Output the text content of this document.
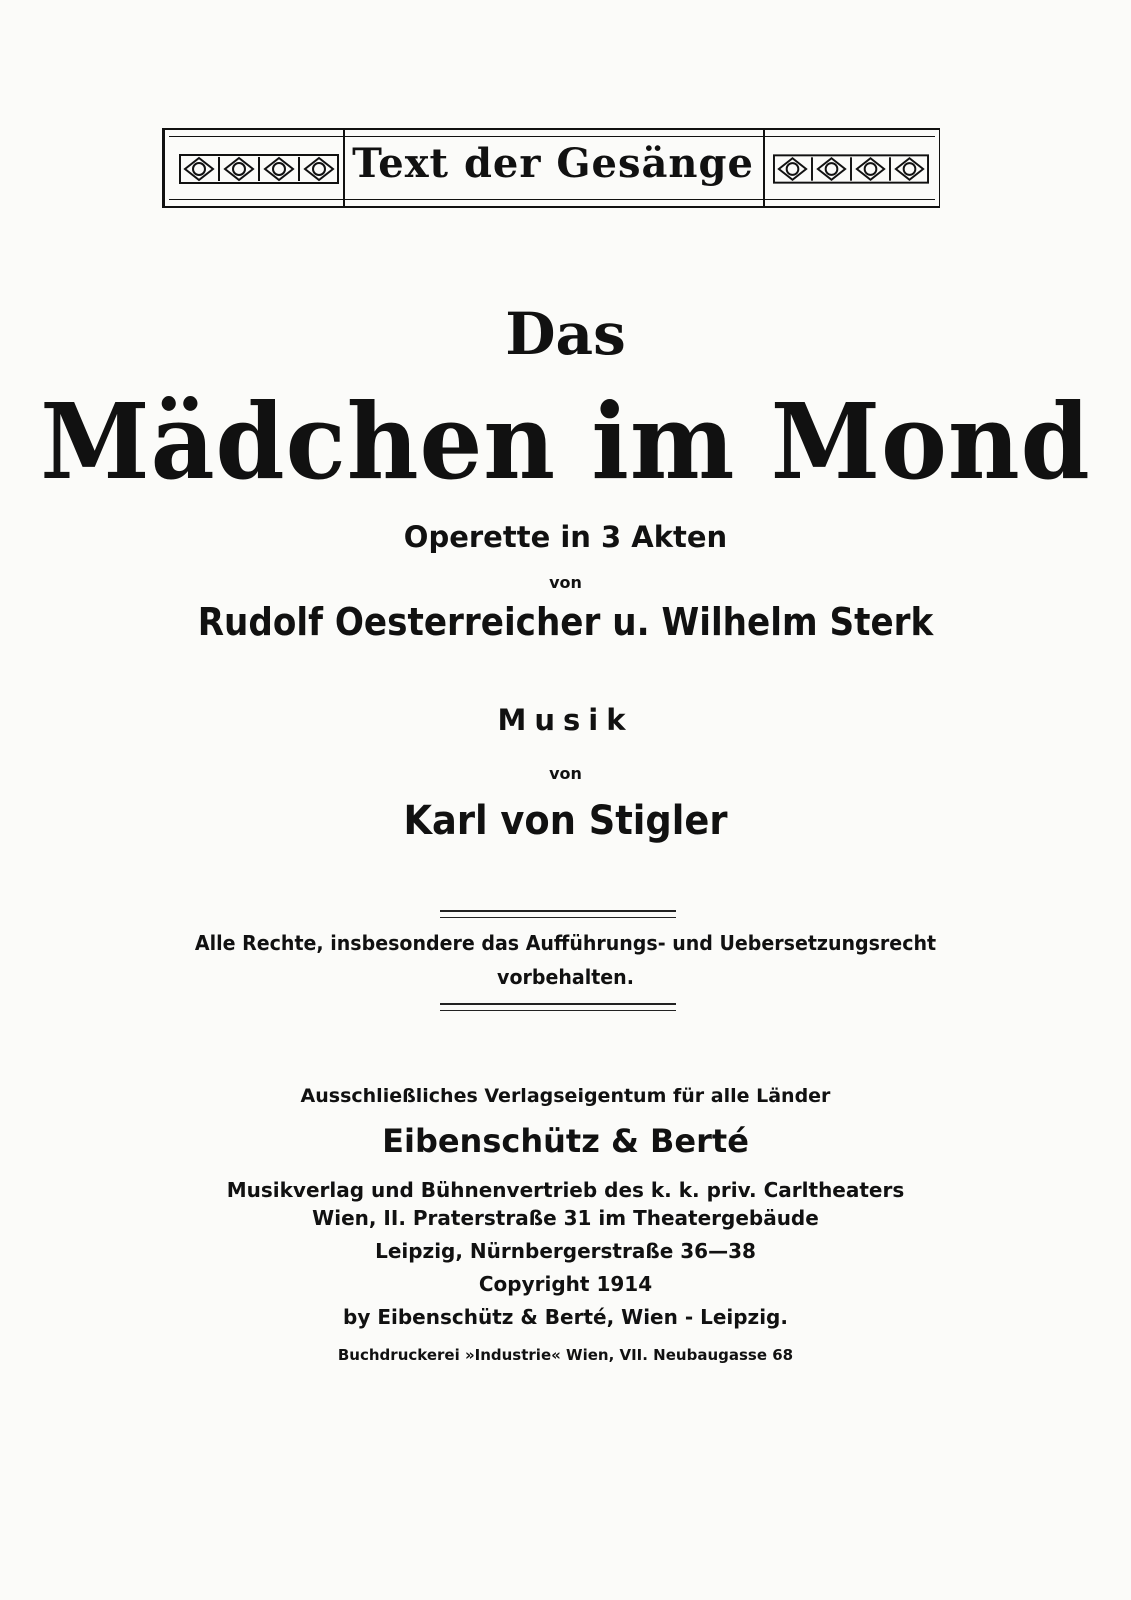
Text der Gesänge
Das
Mädchen im Mond
Operette in 3 Akten
von
Rudolf Oesterreicher u. Wilhelm Sterk
Musik
von
Karl von Stigler
Alle Rechte, insbesondere das Aufführungs- und Uebersetzungsrecht
vorbehalten.
Ausschließliches Verlagseigentum für alle Länder
Eibenschütz & Berté
Musikverlag und Bühnenvertrieb des k. k. priv. Carltheaters
Wien, II. Praterstraße 31 im Theatergebäude
Leipzig, Nürnbergerstraße 36—38
Copyright 1914
by Eibenschütz & Berté, Wien - Leipzig.
Buchdruckerei »Industrie« Wien, VII. Neubaugasse 68
